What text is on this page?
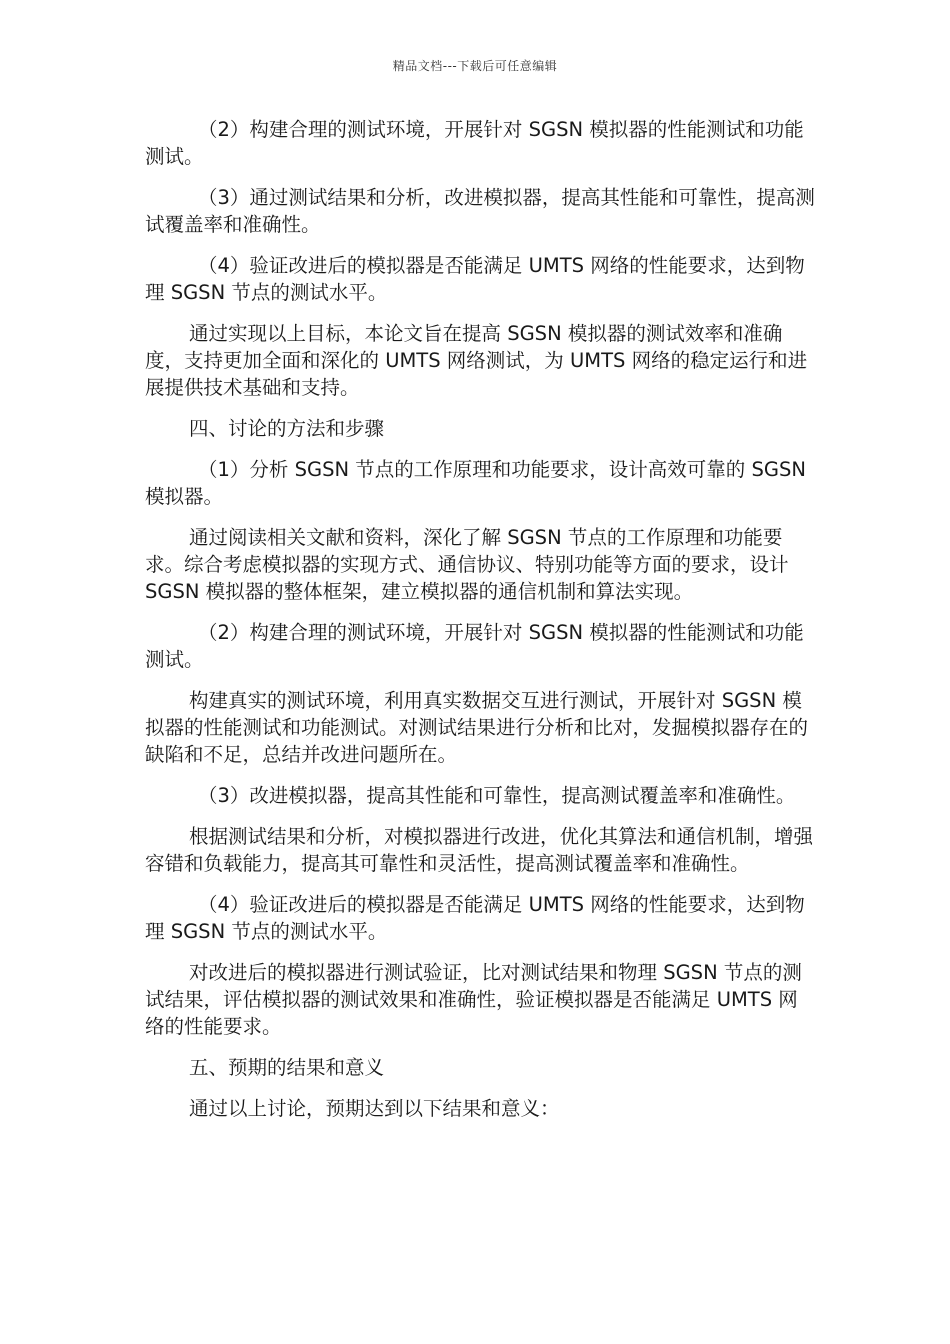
精品文档---下载后可任意编辑

（2）构建合理的测试环境，开展针对 SGSN 模拟器的性能测试和功能测试。

（3）通过测试结果和分析，改进模拟器，提高其性能和可靠性，提高测试覆盖率和准确性。

（4）验证改进后的模拟器是否能满足 UMTS 网络的性能要求，达到物理 SGSN 节点的测试水平。

通过实现以上目标，本论文旨在提高 SGSN 模拟器的测试效率和准确度，支持更加全面和深化的 UMTS 网络测试，为 UMTS 网络的稳定运行和进展提供技术基础和支持。

四、讨论的方法和步骤

（1）分析 SGSN 节点的工作原理和功能要求，设计高效可靠的 SGSN 模拟器。

通过阅读相关文献和资料，深化了解 SGSN 节点的工作原理和功能要求。综合考虑模拟器的实现方式、通信协议、特别功能等方面的要求，设计 SGSN 模拟器的整体框架，建立模拟器的通信机制和算法实现。

（2）构建合理的测试环境，开展针对 SGSN 模拟器的性能测试和功能测试。

构建真实的测试环境，利用真实数据交互进行测试，开展针对 SGSN 模拟器的性能测试和功能测试。对测试结果进行分析和比对，发掘模拟器存在的缺陷和不足，总结并改进问题所在。

（3）改进模拟器，提高其性能和可靠性，提高测试覆盖率和准确性。

根据测试结果和分析，对模拟器进行改进，优化其算法和通信机制，增强容错和负载能力，提高其可靠性和灵活性，提高测试覆盖率和准确性。

（4）验证改进后的模拟器是否能满足 UMTS 网络的性能要求，达到物理 SGSN 节点的测试水平。

对改进后的模拟器进行测试验证，比对测试结果和物理 SGSN 节点的测试结果，评估模拟器的测试效果和准确性，验证模拟器是否能满足 UMTS 网络的性能要求。

五、预期的结果和意义

通过以上讨论，预期达到以下结果和意义：
